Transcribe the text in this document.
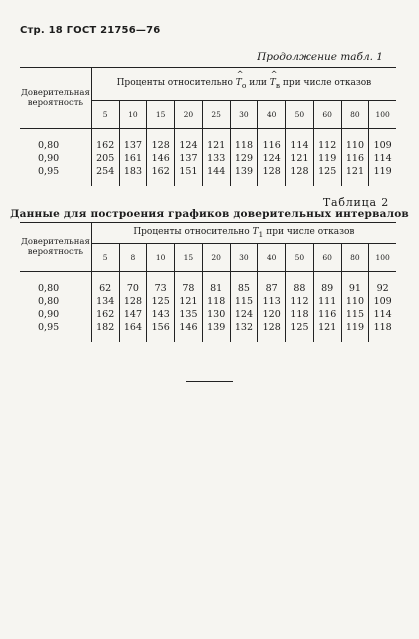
Стр. 18 ГОСТ 21756—76
Продолжение табл. 1
Доверительная вероятность	Проценты относительно ^ $T_о$ или ^ $T_в$ при числе отказов
	5	10	15	20	25	30	40	50	60	80	100
0,80	162	137	128	124	121	118	116	114	112	110	109
0,90	205	161	146	137	133	129	124	121	119	116	114
0,95	254	183	162	151	144	139	128	128	125	121	119
Таблица 2
Данные для построения графиков доверительных интервалов
Доверительная вероятность	Проценты относительно $T_1$ при числе отказов										
	5	8	10	15	20	30	40	50	60	80	100
0,80	62	70	73	78	81	85	87	88	89	91	92
0,80	134	128	125	121	118	115	113	112	111	110	109
0,90	162	147	143	135	130	124	120	118	116	115	114
0,95	182	164	156	146	139	132	128	125	121	119	118
